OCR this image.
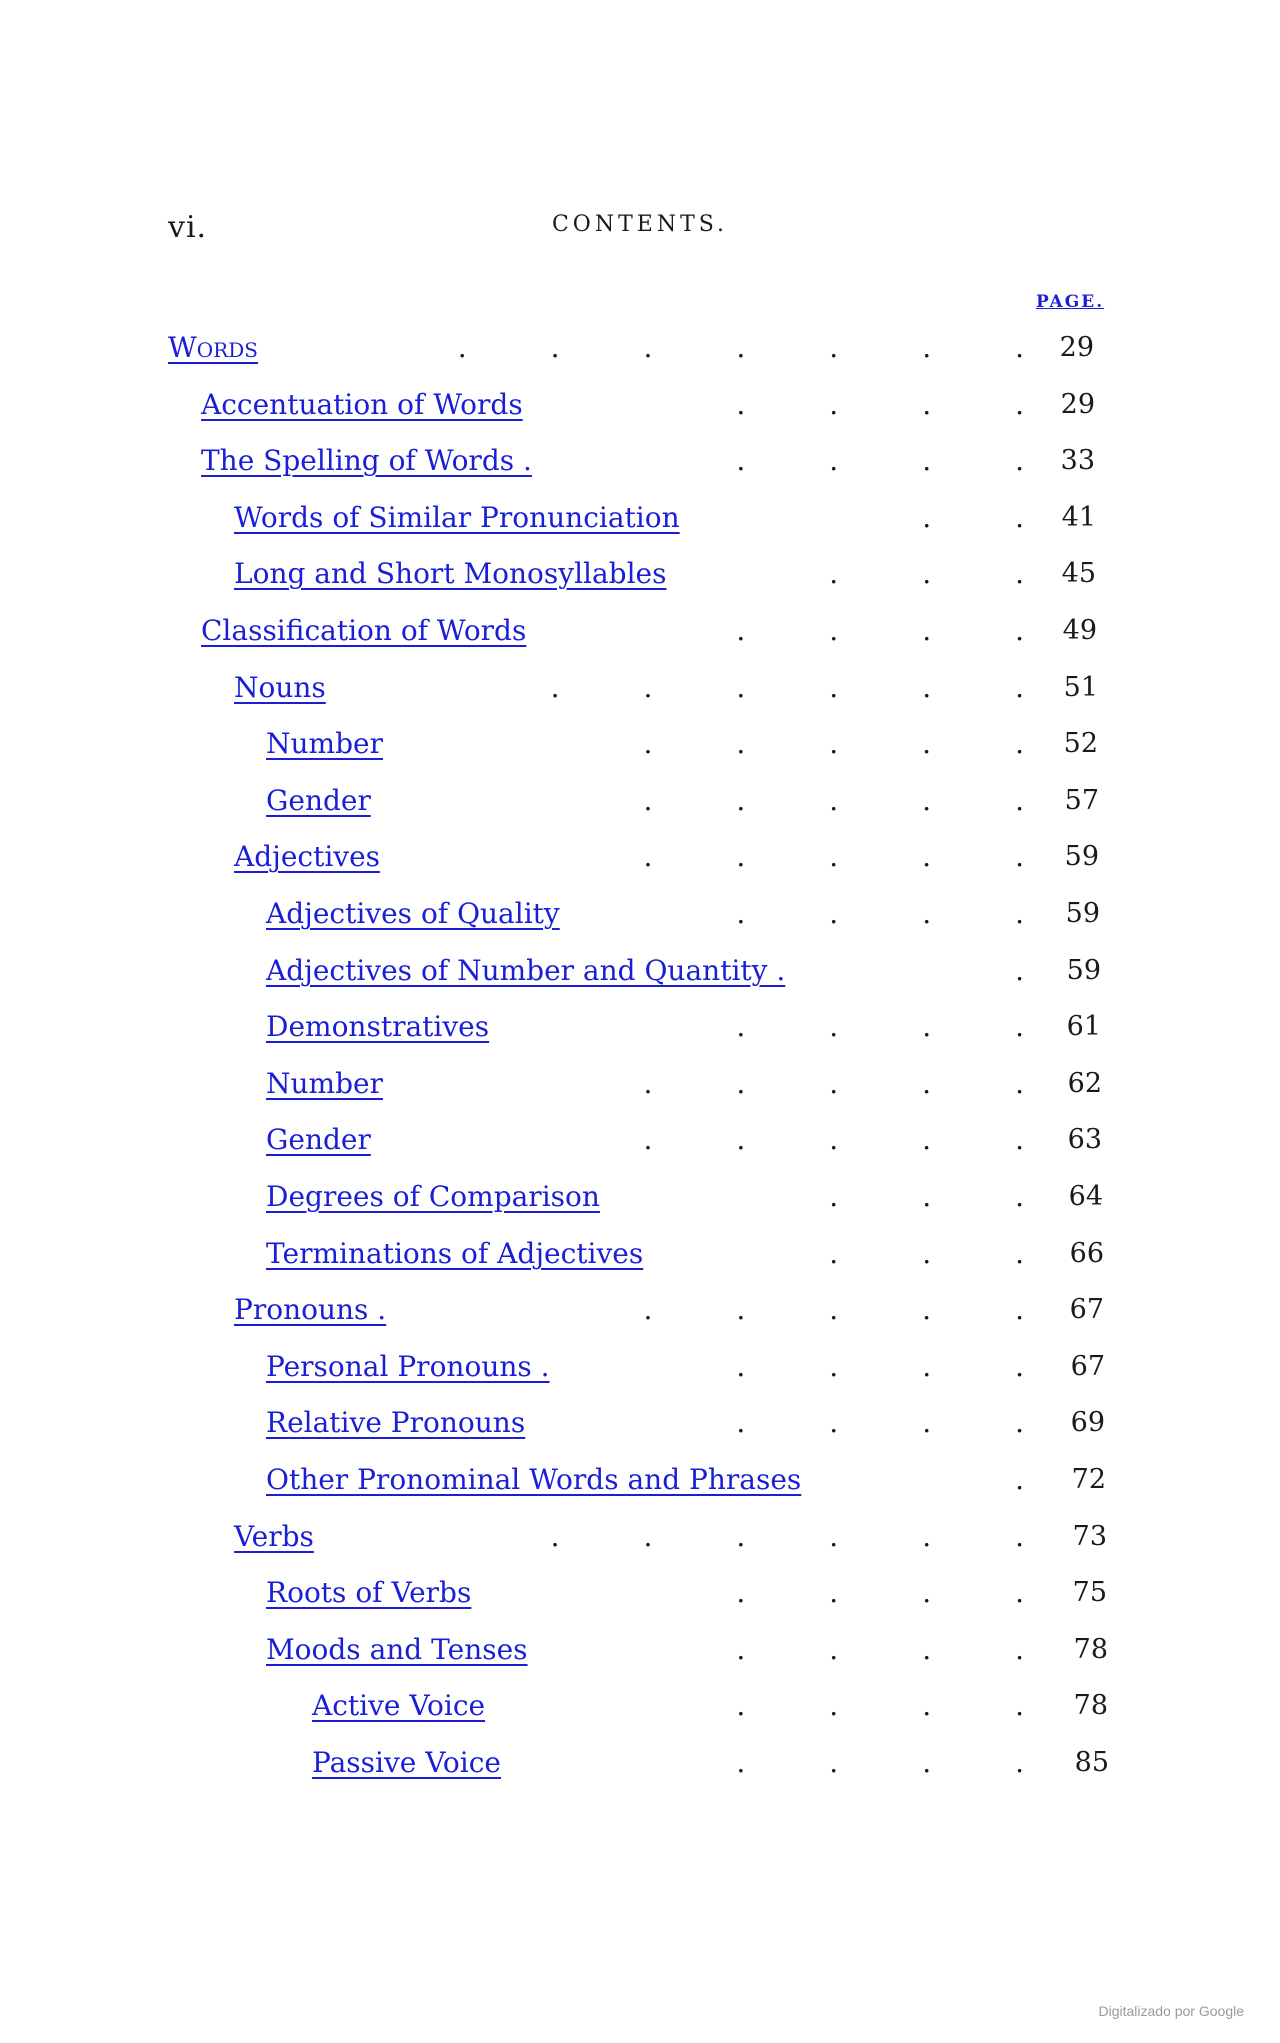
vi.	CONTENTS.
PAGE.
Words	.   .   .   .   .   .   .	29
Accentuation of Words	.   .   .   .	29
The Spelling of Words .	.   .   .   .	33
Words of Similar Pronunciation	.   .	41
Long and Short Monosyllables	.   .   .	45
Classification of Words	.   .   .   .	49
Nouns	.   .   .   .   .   .	51
Number	.   .   .   .   .	52
Gender	.   .   .   .   .	57
Adjectives	.   .   .   .   .	59
Adjectives of Quality	.   .   .   .	59
Adjectives of Number and Quantity .	.	59
Demonstratives	.   .   .   .	61
Number	.   .   .   .   .	62
Gender	.   .   .   .   .	63
Degrees of Comparison	.   .   .	64
Terminations of Adjectives	.   .   .	66
Pronouns .	.   .   .   .   .	67
Personal Pronouns .	.   .   .   .	67
Relative Pronouns	.   .   .   .	69
Other Pronominal Words and Phrases	.	72
Verbs	.   .   .   .   .   .	73
Roots of Verbs	.   .   .   .	75
Moods and Tenses	.   .   .   .	78
Active Voice	.   .   .   .	78
Passive Voice	.   .   .   .	85
Digitalizado por Google
